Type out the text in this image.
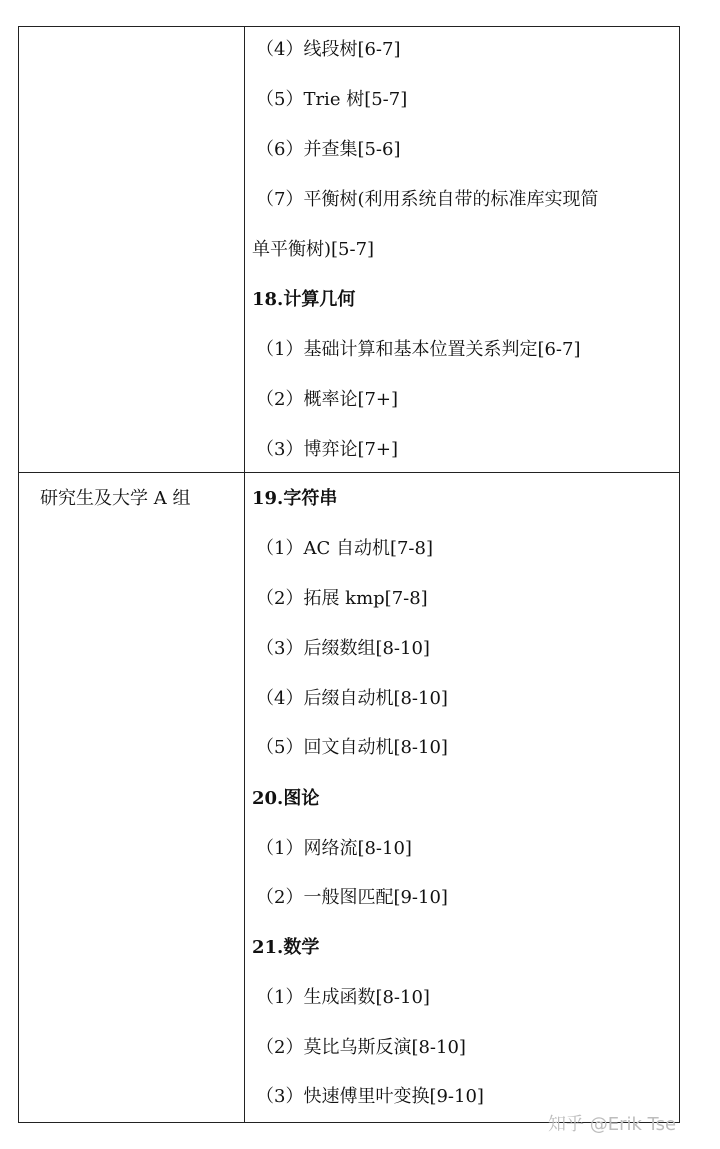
（4）线段树[6-7]
（5）Trie 树[5-7]
（6）并查集[5-6]
（7）平衡树(利用系统自带的标准库实现简
单平衡树)[5-7]
18.计算几何
（1）基础计算和基本位置关系判定[6-7]
（2）概率论[7+]
（3）博弈论[7+]
研究生及大学 A 组	19.字符串
（1）AC 自动机[7-8]
（2）拓展 kmp[7-8]
（3）后缀数组[8-10]
（4）后缀自动机[8-10]
（5）回文自动机[8-10]
20.图论
（1）网络流[8-10]
（2）一般图匹配[9-10]
21.数学
（1）生成函数[8-10]
（2）莫比乌斯反演[8-10]
（3）快速傅里叶变换[9-10]
知乎 @Erik Tse
